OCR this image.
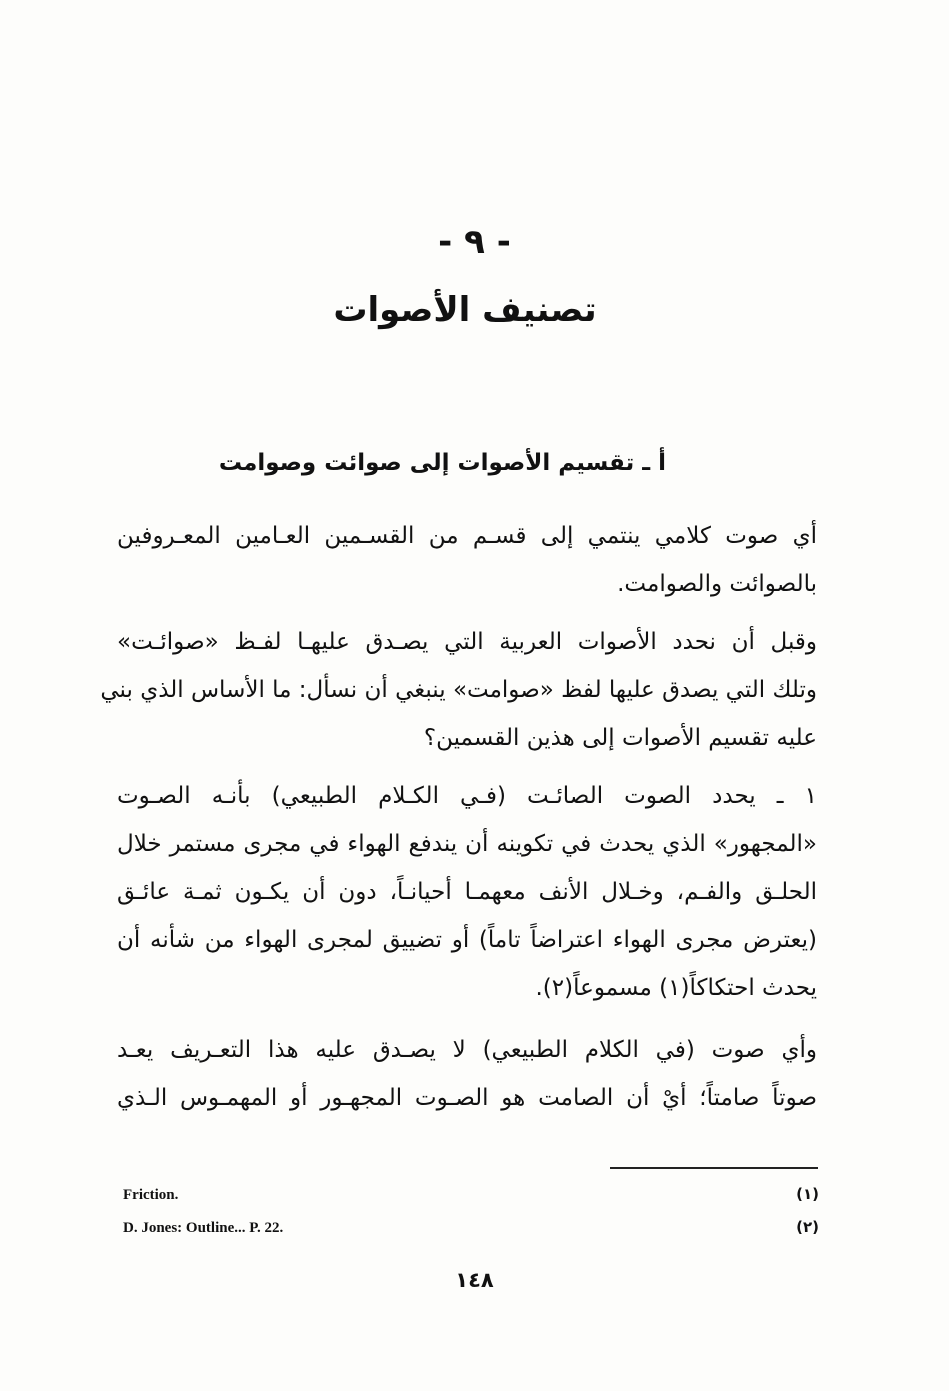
- ٩ -
تصنيف الأصوات
أ ـ تقسيم الأصوات إلى صوائت وصوامت
أي صوت كلامي ينتمي إلى قسـم من القسـمين العـامين المعـروفين
بالصوائت والصوامت.
وقبل أن نحدد الأصوات العربية التي يصـدق عليهـا لفـظ «صوائـت»
وتلك التي يصدق عليها لفظ «صوامت» ينبغي أن نسأل: ما الأساس الذي بني
عليه تقسيم الأصوات إلى هذين القسمين؟
١ ـ يحدد الصوت الصائـت (فـي الكـلام الطبيعي) بأنـه الصـوت
«المجهور» الذي يحدث في تكوينه أن يندفع الهواء في مجرى مستمر خلال
الحلـق والفـم، وخـلال الأنف معهمـا أحيانـاً، دون أن يكـون ثمـة عائـق
(يعترض مجرى الهواء اعتراضاً تاماً) أو تضييق لمجرى الهواء من شأنه أن
يحدث احتكاكاً(١) مسموعاً(٢).
وأي صوت (في الكلام الطبيعي) لا يصـدق عليه هذا التعـريف يعـد
صوتاً صامتاً؛ أيْ أن الصامت هو الصـوت المجهـور أو المهمـوس الـذي
Friction.	(١)
D. Jones: Outline... P. 22.	(٢)
١٤٨
